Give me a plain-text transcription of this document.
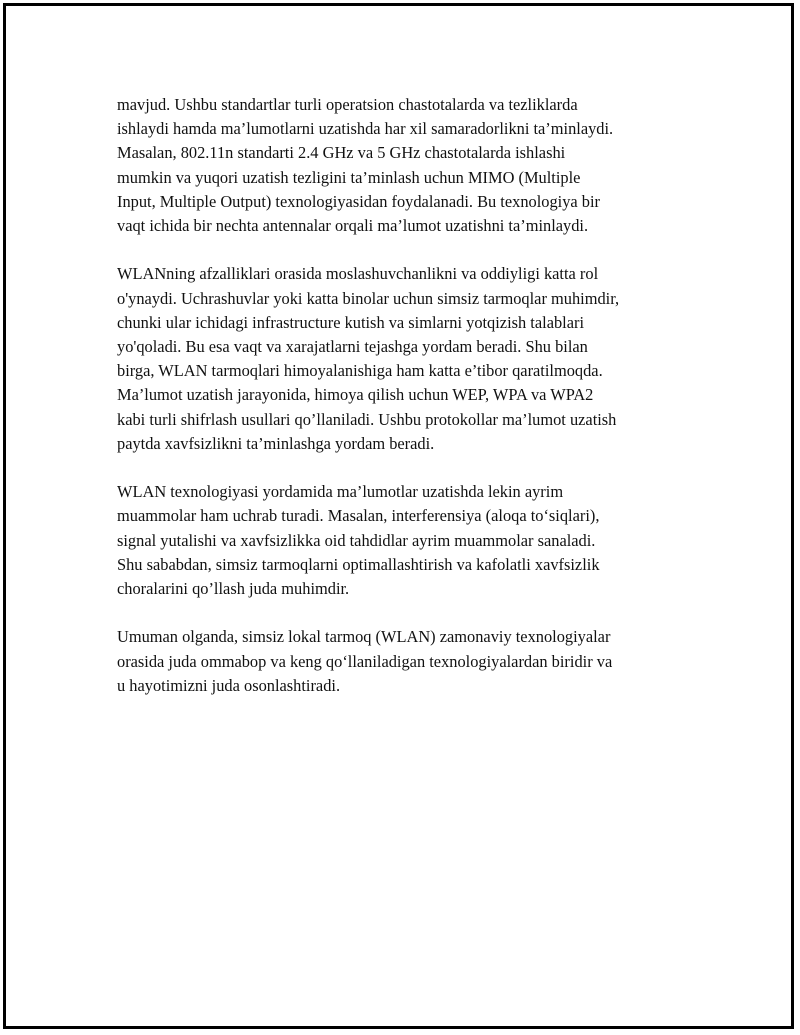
mavjud. Ushbu standartlar turli operatsion chastotalarda va tezliklarda
ishlaydi hamda ma’lumotlarni uzatishda har xil samaradorlikni ta’minlaydi.
Masalan, 802.11n standarti 2.4 GHz va 5 GHz chastotalarda ishlashi
mumkin va yuqori uzatish tezligini ta’minlash uchun MIMO (Multiple
Input, Multiple Output) texnologiyasidan foydalanadi. Bu texnologiya bir
vaqt ichida bir nechta antennalar orqali ma’lumot uzatishni ta’minlaydi.

WLANning afzalliklari orasida moslashuvchanlikni va oddiyligi katta rol
o'ynaydi. Uchrashuvlar yoki katta binolar uchun simsiz tarmoqlar muhimdir,
chunki ular ichidagi infrastructure kutish va simlarni yotqizish talablari
yo'qoladi. Bu esa vaqt va xarajatlarni tejashga yordam beradi. Shu bilan
birga, WLAN tarmoqlari himoyalanishiga ham katta e’tibor qaratilmoqda.
Ma’lumot uzatish jarayonida, himoya qilish uchun WEP, WPA va WPA2
kabi turli shifrlash usullari qo’llaniladi. Ushbu protokollar ma’lumot uzatish
paytda xavfsizlikni ta’minlashga yordam beradi.

WLAN texnologiyasi yordamida ma’lumotlar uzatishda lekin ayrim
muammolar ham uchrab turadi. Masalan, interferensiya (aloqa to‘siqlari),
signal yutalishi va xavfsizlikka oid tahdidlar ayrim muammolar sanaladi.
Shu sababdan, simsiz tarmoqlarni optimallashtirish va kafolatli xavfsizlik
choralarini qo’llash juda muhimdir.

Umuman olganda, simsiz lokal tarmoq (WLAN) zamonaviy texnologiyalar
orasida juda ommabop va keng qo‘llaniladigan texnologiyalardan biridir va
u hayotimizni juda osonlashtiradi.
